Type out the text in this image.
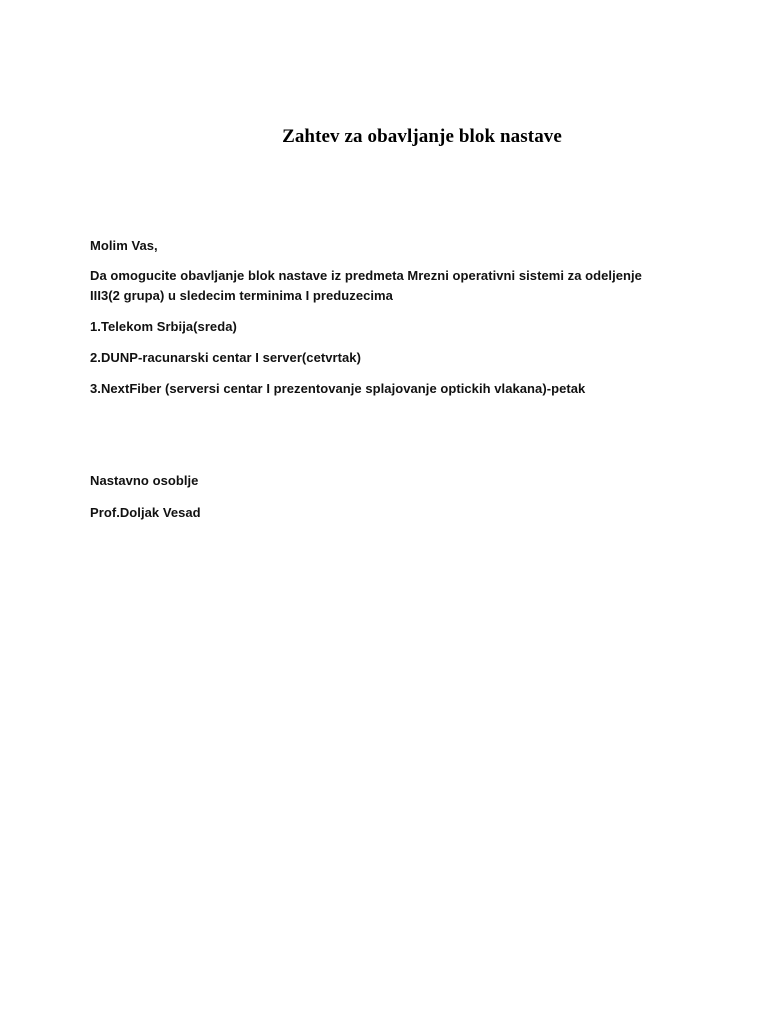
Zahtev za obavljanje blok nastave

Molim Vas,

Da omogucite obavljanje blok nastave iz predmeta Mrezni operativni sistemi za odeljenje III3(2 grupa) u sledecim terminima I preduzecima

1.Telekom Srbija(sreda)

2.DUNP-racunarski centar I server(cetvrtak)

3.NextFiber (serversi centar I prezentovanje splajovanje optickih vlakana)-petak

Nastavno osoblje

Prof.Doljak Vesad
